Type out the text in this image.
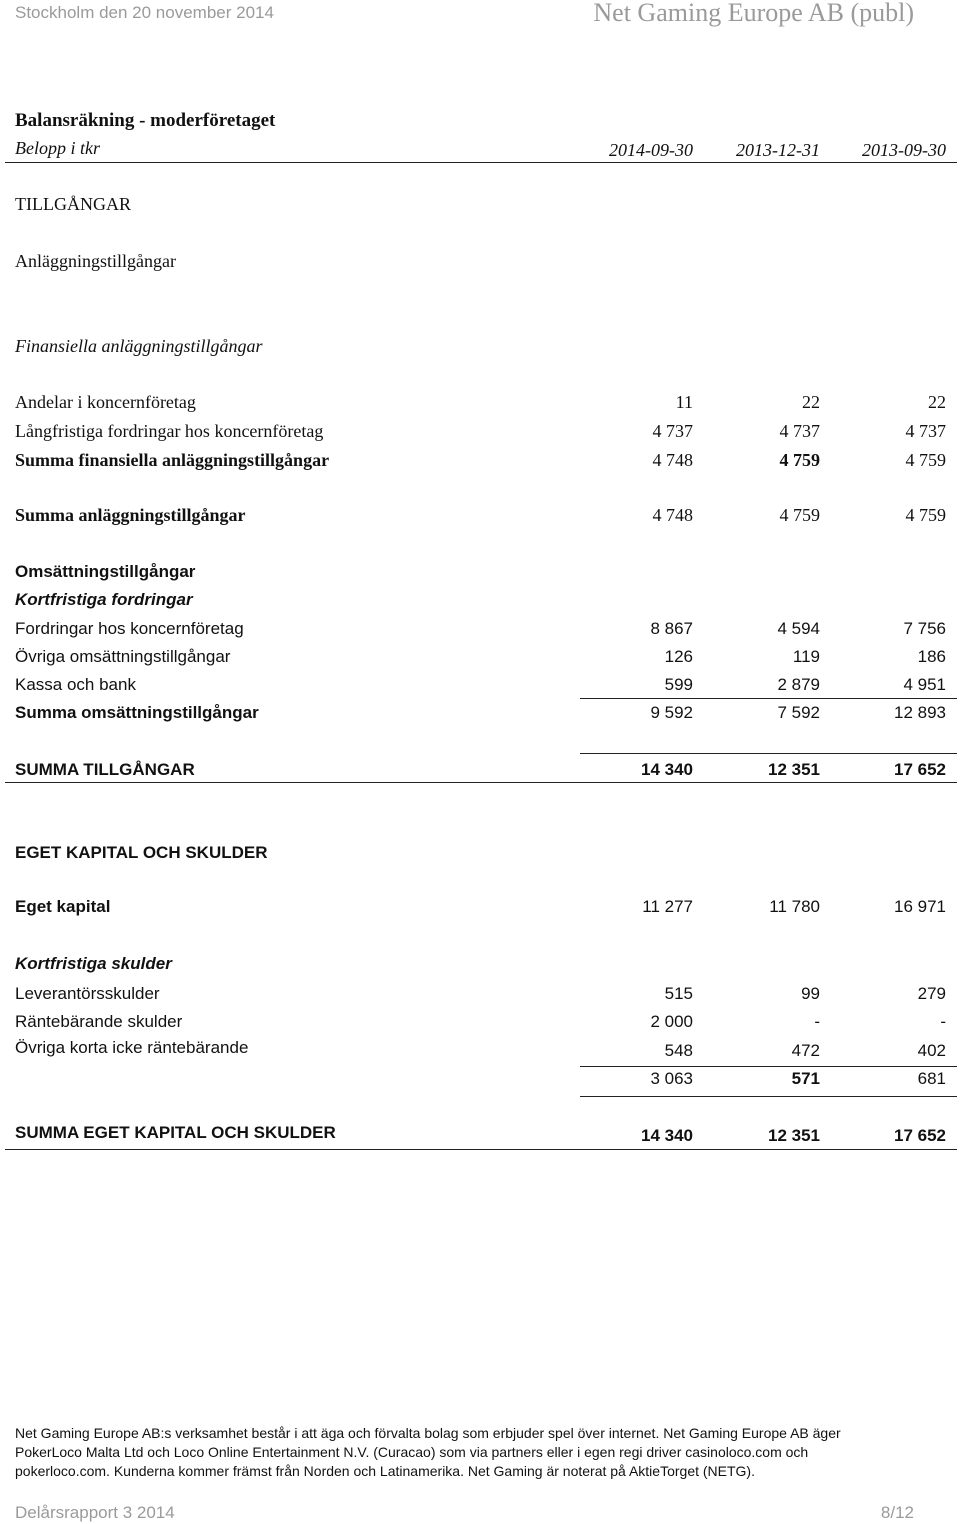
Stockholm den 20 november 2014	Net Gaming Europe AB (publ)
Balansräkning - moderföretaget
Belopp i tkr	2014-09-30	2013-12-31	2013-09-30
TILLGÅNGAR
Anläggningstillgångar
Finansiella anläggningstillgångar
Andelar i koncernföretag	11	22	22
Långfristiga fordringar hos koncernföretag	4 737	4 737	4 737
Summa finansiella anläggningstillgångar	4 748	4 759	4 759
Summa anläggningstillgångar	4 748	4 759	4 759
Omsättningstillgångar
Kortfristiga fordringar
Fordringar hos koncernföretag	8 867	4 594	7 756
Övriga omsättningstillgångar	126	119	186
Kassa och bank	599	2 879	4 951
Summa omsättningstillgångar	9 592	7 592	12 893
SUMMA TILLGÅNGAR	14 340	12 351	17 652
EGET KAPITAL OCH SKULDER
Eget kapital	11 277	11 780	16 971
Kortfristiga skulder
Leverantörsskulder	515	99	279
Räntebärande skulder	2 000	-	-
Övriga korta icke räntebärande	548	472	402
3 063	571	681
SUMMA EGET KAPITAL OCH SKULDER	14 340	12 351	17 652
Net Gaming Europe AB:s verksamhet består i att äga och förvalta bolag som erbjuder spel över internet. Net Gaming Europe AB äger
PokerLoco Malta Ltd och Loco Online Entertainment N.V. (Curacao) som via partners eller i egen regi driver casinoloco.com och
pokerloco.com. Kunderna kommer främst från Norden och Latinamerika. Net Gaming är noterat på AktieTorget (NETG).
Delårsrapport 3 2014	8/12
